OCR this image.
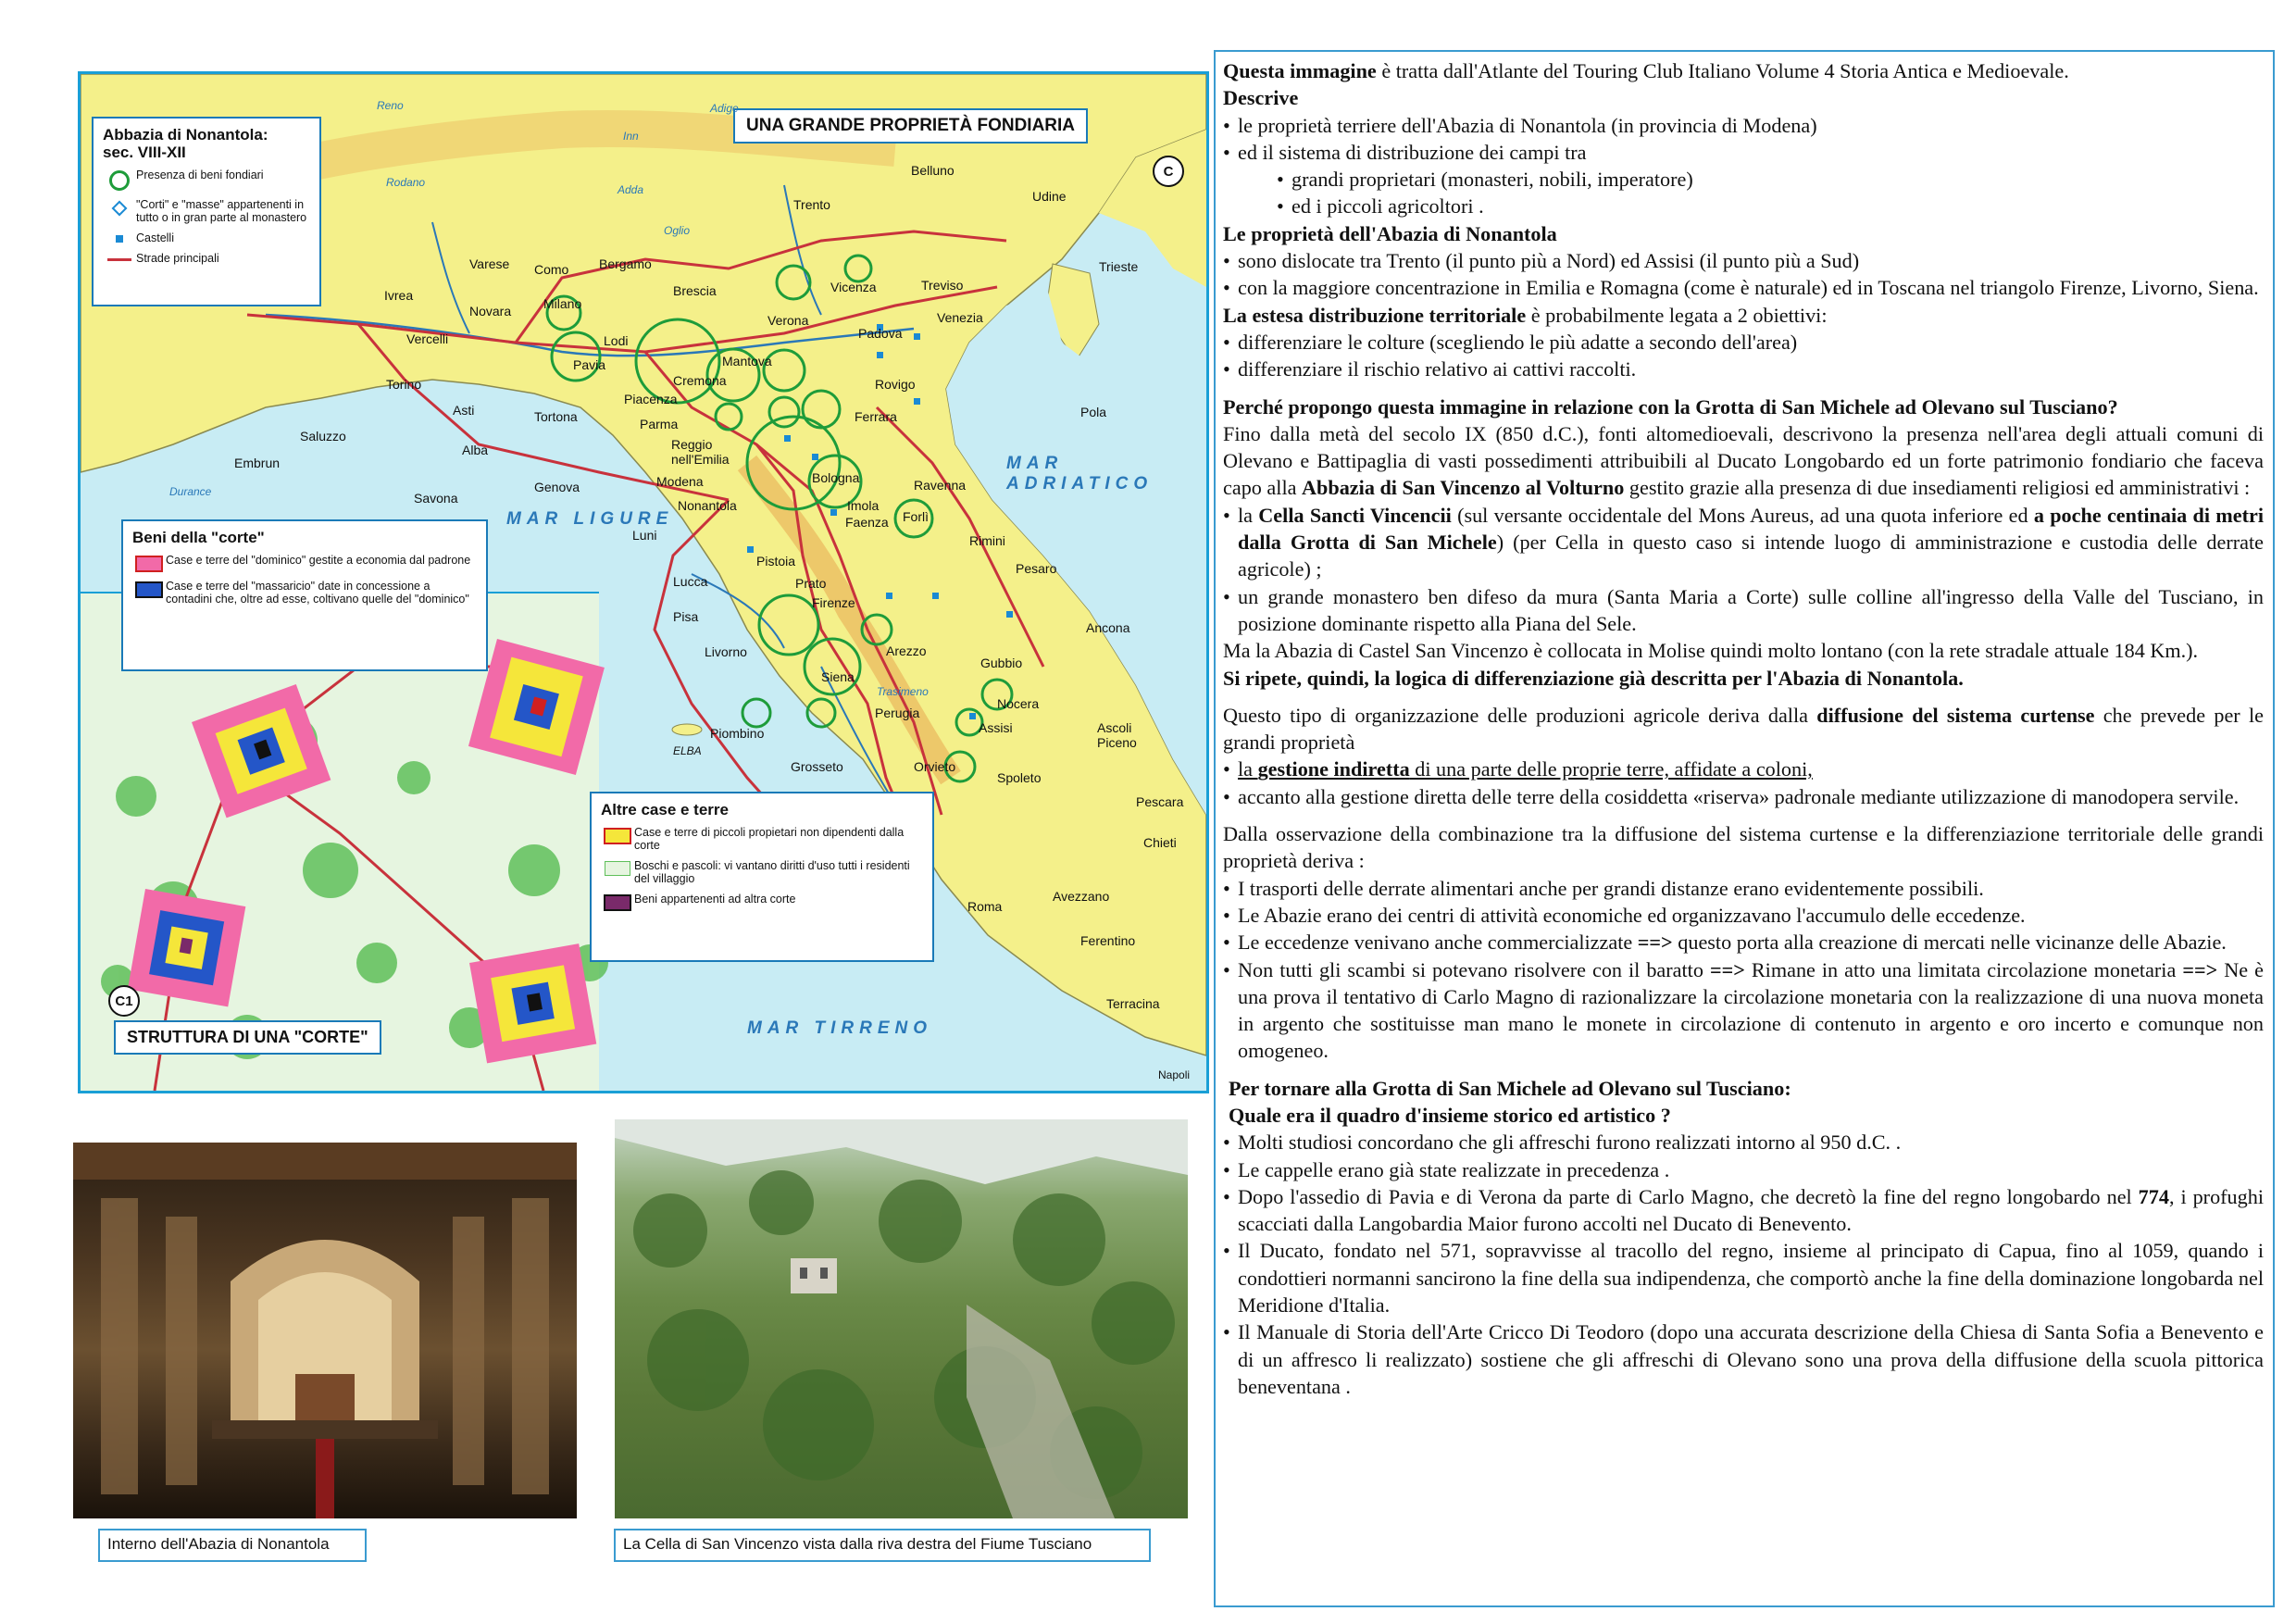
UNA GRANDE PROPRIETÀ FONDIARIA
C
Abbazia di Nonantola:
sec. VIII-XII
Presenza di beni fondiari
"Corti" e "masse" appartenenti in tutto o in gran parte al monastero
Castelli
Strade principali
Beni della "corte"
Case e terre del "dominico" gestite a economia dal padrone
Case e terre del "massaricio" date in concessione a contadini che, oltre ad esse, coltivano quelle del "dominico"
Altre case e terre
Case e terre di piccoli propietari non dipendenti dalla corte
Boschi e pascoli: vi vantano diritti d'uso tutti i residenti del villaggio
Beni appartenenti ad altra corte
STRUTTURA DI UNA "CORTE"
C1
MAR LIGURE
MAR ADRIATICO
MAR TIRRENO
Belluno
Udine
Trento
Trieste
Treviso
Venezia
Vicenza
Padova
Verona
Rovigo
Bergamo
Brescia
Milano
Como
Varese
Novara
Vercelli
Ivrea
Lodi
Pavia
Piacenza
Cremona
Mantova
Ferrara
Torino
Asti
Alba
Saluzzo
Embrun
Savona
Genova
Tortona	Parma
Reggio nell'Emilia
Modena
Nonantola
Bologna
Imola
Faenza Forlì
Ravenna
Rimini
Pesaro
Pola
Luni
Lucca
Pisa
Livorno
Pistoia
Prato
Firenze
Arezzo
Siena
Perugia
Gubbio
Nocera
Assisi
Ancona
Ascoli Piceno
Piombino
Grosseto	Orvieto
Spoleto
Chieti
Pescara
Roma
Avezzano
Ferentino
Terracina
Napoli
Rodano
Reno
Adda
Adige
Inn
Oglio
Durance
Trasimeno
ELBA
Interno dell'Abazia di Nonantola	La Cella di San Vincenzo vista dalla riva destra del Fiume Tusciano

Questa immagine è tratta dall'Atlante del Touring Club Italiano Volume 4 Storia Antica e Medioevale.

Descrive

• le proprietà terriere dell'Abazia di Nonantola (in provincia di Modena)
• ed il sistema di distribuzione dei campi tra
• grandi proprietari (monasteri, nobili, imperatore)
• ed i piccoli agricoltori .

Le proprietà dell'Abazia di Nonantola

• sono dislocate tra Trento (il punto più a Nord) ed Assisi (il punto più a Sud)
• con la maggiore concentrazione in Emilia e Romagna (come è naturale) ed in Toscana nel triangolo Firenze, Livorno, Siena.

La estesa distribuzione territoriale è probabilmente legata a 2 obiettivi:

• differenziare le colture (scegliendo le più adatte a secondo dell'area)
• differenziare il rischio relativo ai cattivi raccolti.

Perché propongo questa immagine in relazione con la Grotta di San Michele ad Olevano sul Tusciano?

Fino dalla metà del secolo IX (850 d.C.), fonti altomedioevali, descrivono la presenza nell'area degli attuali comuni di Olevano e Battipaglia di vasti possedimenti attribuibili al Ducato Longobardo ed un forte patrimonio fondiario che faceva capo alla Abbazia di San Vincenzo al Volturno gestito grazie alla presenza di due insediamenti religiosi ed amministrativi :

• la Cella Sancti Vincencii (sul versante occidentale del Mons Aureus, ad una quota inferiore ed a poche centinaia di metri dalla Grotta di San Michele) (per Cella in questo caso si intende luogo di amministrazione e custodia delle derrate agricole) ;
• un grande monastero ben difeso da mura (Santa Maria a Corte) sulle colline all'ingresso della Valle del Tusciano, in posizione dominante rispetto alla Piana del Sele.

Ma la Abazia di Castel San Vincenzo è collocata in Molise quindi molto lontano (con la rete stradale attuale 184 Km.).

Si ripete, quindi, la logica di differenziazione già descritta per l'Abazia di Nonantola.

Questo tipo di organizzazione delle produzioni agricole deriva dalla diffusione del sistema curtense che prevede per le grandi proprietà

• la gestione indiretta di una parte delle proprie terre, affidate a coloni,
• accanto alla gestione diretta delle terre della cosiddetta «riserva» padronale mediante utilizzazione di manodopera servile.

Dalla osservazione della combinazione tra la diffusione del sistema curtense e la differenziazione territoriale delle grandi proprietà deriva :

• I trasporti delle derrate alimentari anche per grandi distanze erano evidentemente possibili.
• Le Abazie erano dei centri di attività economiche ed organizzavano l'accumulo delle eccedenze.
• Le eccedenze venivano anche commercializzate ==> questo porta alla creazione di mercati nelle vicinanze delle Abazie.
• Non tutti gli scambi si potevano risolvere con il baratto ==> Rimane in atto una limitata circolazione monetaria ==> Ne è una prova il tentativo di Carlo Magno di razionalizzare la circolazione monetaria con la realizzazione di una nuova moneta in argento che sostituisse man mano le monete in circolazione di contenuto in argento e oro incerto e comunque non omogeneo.

Per tornare alla Grotta di San Michele ad Olevano sul Tusciano:

Quale era il quadro d'insieme storico ed artistico ?

• Molti studiosi concordano che gli affreschi furono realizzati intorno al 950 d.C. .
• Le cappelle erano già state realizzate in precedenza .
• Dopo l'assedio di Pavia e di Verona da parte di Carlo Magno, che decretò la fine del regno longobardo nel 774, i profughi scacciati dalla Langobardia Maior furono accolti nel Ducato di Benevento.
• Il Ducato, fondato nel 571, sopravvisse al tracollo del regno, insieme al principato di Capua, fino al 1059, quando i condottieri normanni sancirono la fine della sua indipendenza, che comportò anche la fine della dominazione longobarda nel Meridione d'Italia.
• Il Manuale di Storia dell'Arte Cricco Di Teodoro (dopo una accurata descrizione della Chiesa di Santa Sofia a Benevento e di un affresco li realizzato) sostiene che gli affreschi di Olevano sono una prova della diffusione della scuola pittorica beneventana .
